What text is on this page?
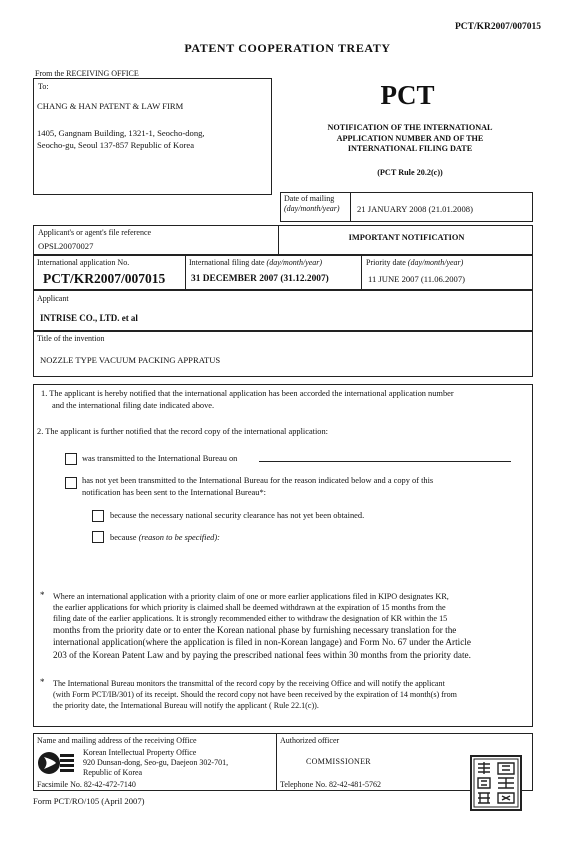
PCT/KR2007/007015
PATENT COOPERATION TREATY
From the RECEIVING OFFICE
To:
CHANG & HAN PATENT & LAW FIRM
1405, Gangnam Building, 1321-1, Seocho-dong,
Seocho-gu, Seoul 137-857 Republic of Korea
PCT
NOTIFICATION OF THE INTERNATIONAL
APPLICATION NUMBER AND OF THE
INTERNATIONAL FILING DATE
(PCT Rule 20.2(c))
Date of mailing
(day/month/year) 21 JANUARY 2008 (21.01.2008)
Applicant's or agent's file reference
OPSL20070027
IMPORTANT NOTIFICATION
International application No.
PCT/KR2007/007015
International filing date (day/month/year)
31 DECEMBER 2007 (31.12.2007)
Priority date (day/month/year)
11 JUNE 2007 (11.06.2007)
Applicant
INTRISE CO., LTD. et al
Title of the invention
NOZZLE TYPE VACUUM PACKING APPRATUS
1. The applicant is hereby notified that the international application has been accorded the international application number
and the international filing date indicated above.
2. The applicant is further notified that the record copy of the international application:
was transmitted to the International Bureau on
has not yet been transmitted to the International Bureau for the reason indicated below and a copy of this
notification has been sent to the International Bureau*:
because the necessary national security clearance has not yet been obtained.
because (reason to be specified):
* Where an international application with a priority claim of one or more earlier applications filed in KIPO designates KR,
the earlier applications for which priority is claimed shall be deemed withdrawn at the expiration of 15 months from the
filing date of the earlier applications. It is strongly recommended either to withdraw the designation of KR within the 15
months from the priority date or to enter the Korean national phase by furnishing necessary translation for the
international application(where the application is filed in non-Korean langage) and Form No. 67 under the Article
203 of the Korean Patent Law and by paying the prescribed national fees within 30 months from the priority date.
* The International Bureau monitors the transmittal of the record copy by the receiving Office and will notify the applicant
(with Form PCT/IB/301) of its receipt. Should the record copy not have been received by the expiration of 14 month(s) from
the priority date, the International Bureau will notify the applicant ( Rule 22.1(c)).
Name and mailing address of the receiving Office
Korean Intellectual Property Office
920 Dunsan-dong, Seo-gu, Daejeon 302-701,
Republic of Korea
Facsimile No. 82-42-472-7140
Authorized officer
COMMISSIONER
Telephone No. 82-42-481-5762
Form PCT/RO/105 (April 2007)
